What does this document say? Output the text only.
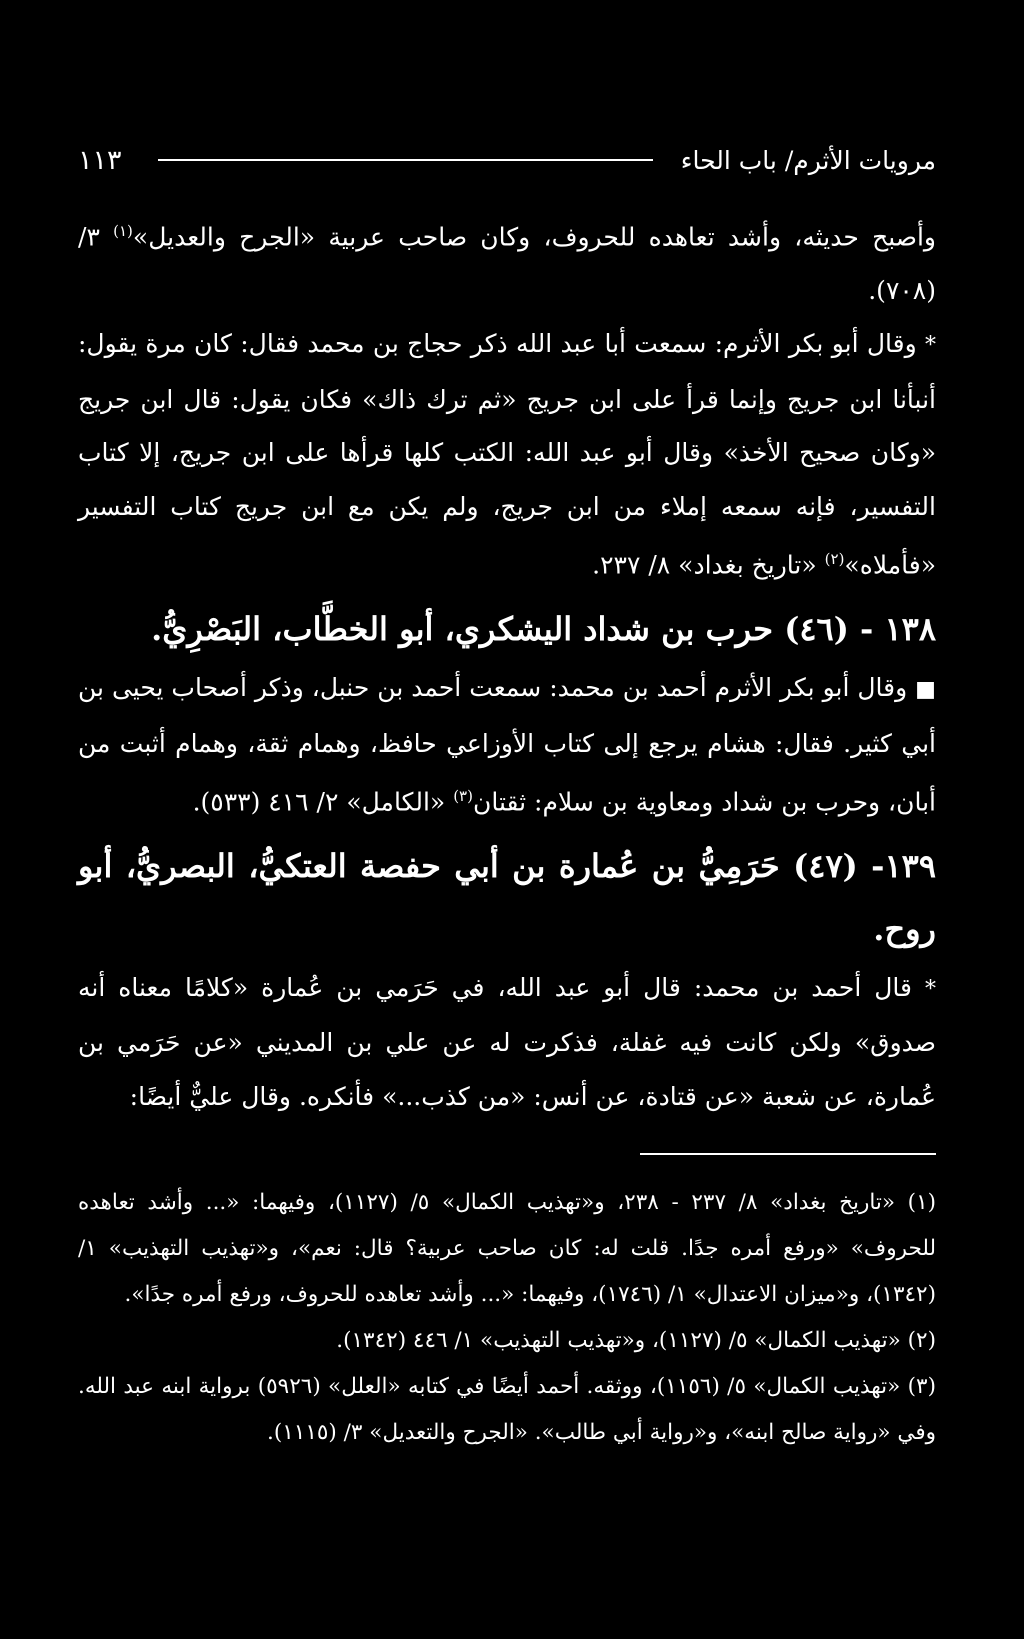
١١٣	مرويات الأثرم/ باب الحاء

وأصبح حديثه، وأشد تعاهده للحروف، وكان صاحب عربية «الجرح والعديل»$^{(١)}$ ٣/ (٧٠٨).

* وقال أبو بكر الأثرم: سمعت أبا عبد الله ذكر حجاج بن محمد فقال: كان مرة يقول: أنبأنا ابن جريج وإنما قرأ على ابن جريج «ثم ترك ذاك» فكان يقول: قال ابن جريج «وكان صحيح الأخذ» وقال أبو عبد الله: الكتب كلها قرأها على ابن جريج، إلا كتاب التفسير، فإنه سمعه إملاء من ابن جريج، ولم يكن مع ابن جريج كتاب التفسير «فأملاه»$^{(٢)}$ «تاريخ بغداد» ٨/ ٢٣٧.

١٣٨ - (٤٦) حرب بن شداد اليشكري، أبو الخطَّاب، البَصْرِيُّ.

■ وقال أبو بكر الأثرم أحمد بن محمد: سمعت أحمد بن حنبل، وذكر أصحاب يحيى بن أبي كثير. فقال: هشام يرجع إلى كتاب الأوزاعي حافظ، وهمام ثقة، وهمام أثبت من أبان، وحرب بن شداد ومعاوية بن سلام: ثقتان$^{(٣)}$ «الكامل» ٢/ ٤١٦ (٥٣٣).

١٣٩- (٤٧) حَرَمِيُّ بن عُمارة بن أبي حفصة العتكيُّ، البصريُّ، أبو روح.

* قال أحمد بن محمد: قال أبو عبد الله، في حَرَمي بن عُمارة «كلامًا معناه أنه صدوق» ولكن كانت فيه غفلة، فذكرت له عن علي بن المديني «عن حَرَمي بن عُمارة، عن شعبة «عن قتادة، عن أنس: «من كذب...» فأنكره. وقال عليٌّ أيضًا:

(١) «تاريخ بغداد» ٨/ ٢٣٧ - ٢٣٨، و«تهذيب الكمال» ٥/ (١١٢٧)، وفيهما: «... وأشد تعاهده للحروف» «ورفع أمره جدًا. قلت له: كان صاحب عربية؟ قال: نعم»، و«تهذيب التهذيب» ١/ (١٣٤٢)، و«ميزان الاعتدال» ١/ (١٧٤٦)، وفيهما: «... وأشد تعاهده للحروف، ورفع أمره جدًا».

(٢) «تهذيب الكمال» ٥/ (١١٢٧)، و«تهذيب التهذيب» ١/ ٤٤٦ (١٣٤٢).

(٣) «تهذيب الكمال» ٥/ (١١٥٦)، ووثقه. أحمد أيضًا في كتابه «العلل» (٥٩٢٦) برواية ابنه عبد الله. وفي «رواية صالح ابنه»، و«رواية أبي طالب». «الجرح والتعديل» ٣/ (١١١٥).
